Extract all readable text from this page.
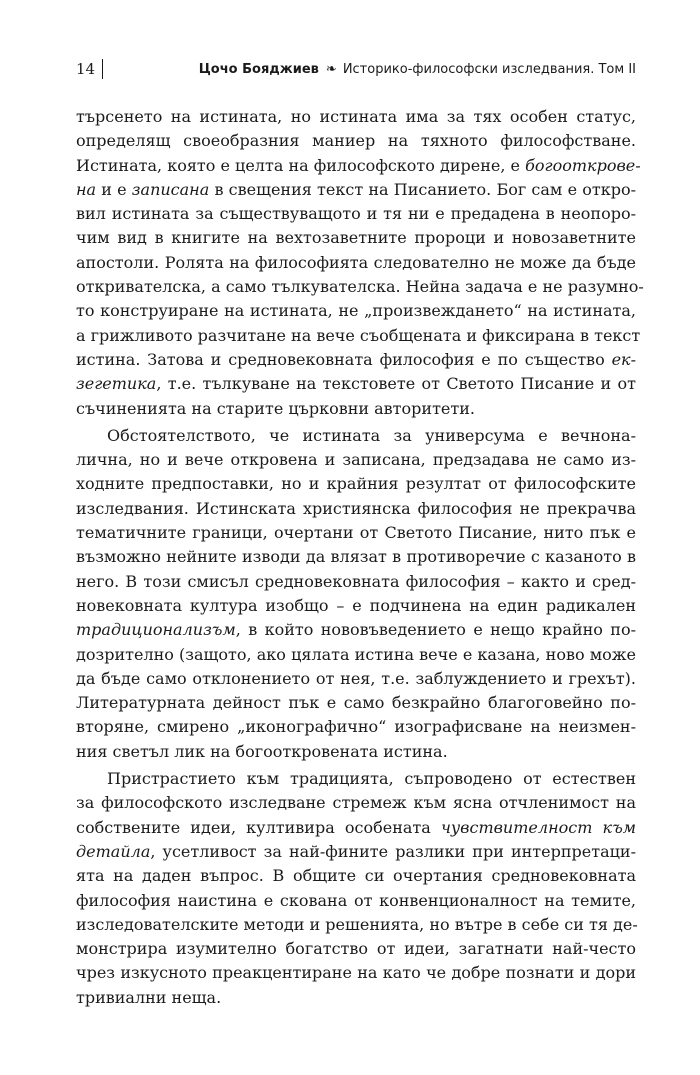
14	Цочо Бояджиев ❧ Историко-философски изследвания. Том II
търсенето на истината, но истината има за тях особен статус,
определящ своеобразния маниер на тяхното философстване.
Истината, която е целта на философското дирене, е богооткрове-
на и е записана в свещения текст на Писанието. Бог сам е откро-
вил истината за съществуващото и тя ни е предадена в неопоро-
чим вид в книгите на вехтозаветните пророци и новозаветните
апостоли. Ролята на философията следователно не може да бъде
откривателска, а само тълкувателска. Нейна задача е не разумно-
то конструиране на истината, не „произвеждането“ на истината,
а грижливото разчитане на вече съобщената и фиксирана в текст
истина. Затова и средновековната философия е по същество ек-
зегетика, т.е. тълкуване на текстовете от Светото Писание и от
съчиненията на старите църковни авторитети.
Обстоятелството, че истината за универсума е вечнона-
лична, но и вече откровена и записана, предзадава не само из-
ходните предпоставки, но и крайния резултат от философските
изследвания. Истинската християнска философия не прекрачва
тематичните граници, очертани от Светото Писание, нито пък е
възможно нейните изводи да влязат в противоречие с казаното в
него. В този смисъл средновековната философия – както и сред-
новековната култура изобщо – е подчинена на един радикален
традиционализъм, в който нововъведението е нещо крайно по-
дозрително (защото, ако цялата истина вече е казана, ново може
да бъде само отклонението от нея, т.е. заблуждението и грехът).
Литературната дейност пък е само безкрайно благоговейно по-
вторяне, смирено „иконографично“ изографисване на неизмен-
ния светъл лик на богооткровената истина.
Пристрастието към традицията, съпроводено от естествен
за философското изследване стремеж към ясна отчленимост на
собствените идеи, култивира особената чувствителност към
детайла, усетливост за най-фините разлики при интерпретаци-
ята на даден въпрос. В общите си очертания средновековната
философия наистина е скована от конвенционалност на темите,
изследователските методи и решенията, но вътре в себе си тя де-
монстрира изумително богатство от идеи, загатнати най-често
чрез изкусното преакцентиране на като че добре познати и дори
тривиални неща.
